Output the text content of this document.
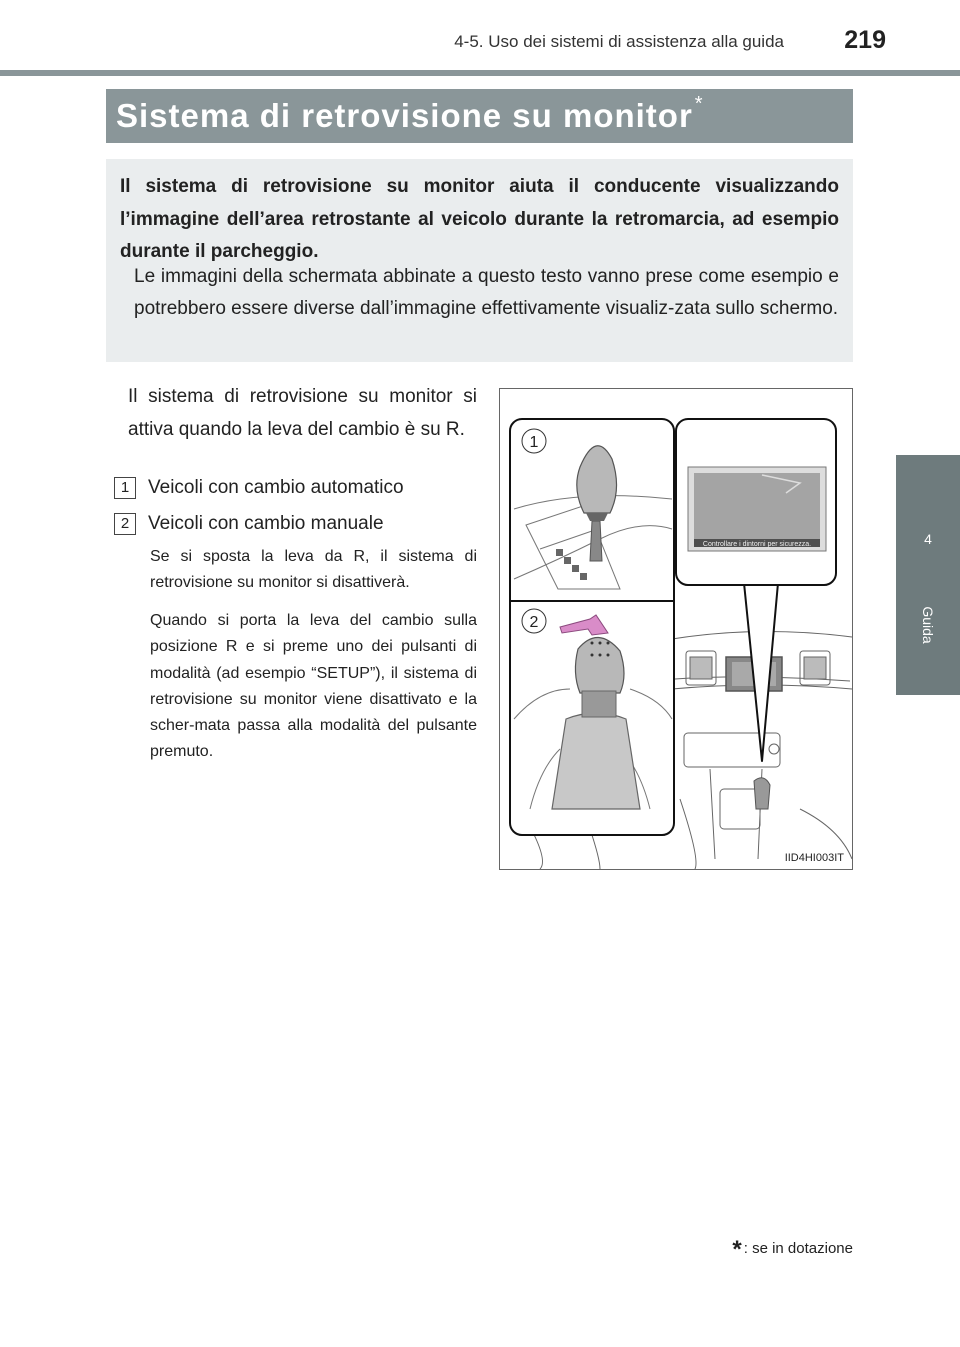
4-5. Uso dei sistemi di assistenza alla guida	219
4
Guida
Sistema di retrovisione su monitor *
Il sistema di retrovisione su monitor aiuta il conducente visualizzando l’immagine dell’area retrostante al veicolo durante la retromarcia, ad esempio durante il parcheggio.
Le immagini della schermata abbinate a questo testo vanno prese come esempio e potrebbero essere diverse dall’immagine effettivamente visualiz-zata sullo schermo.
Il sistema di retrovisione su monitor si attiva quando la leva del cambio è su R.
1 Veicoli con cambio automatico
2 Veicoli con cambio manuale
Se si sposta la leva da R, il sistema di retrovisione su monitor si disattiverà.
Quando si porta la leva del cambio sulla posizione R e si preme uno dei pulsanti di modalità (ad esempio “SETUP”), il sistema di retrovisione su monitor viene disattivato e la scher-mata passa alla modalità del pulsante premuto.
Controllare i dintorni per sicurezza.
1
2
IID4HI003IT
* : se in dotazione
